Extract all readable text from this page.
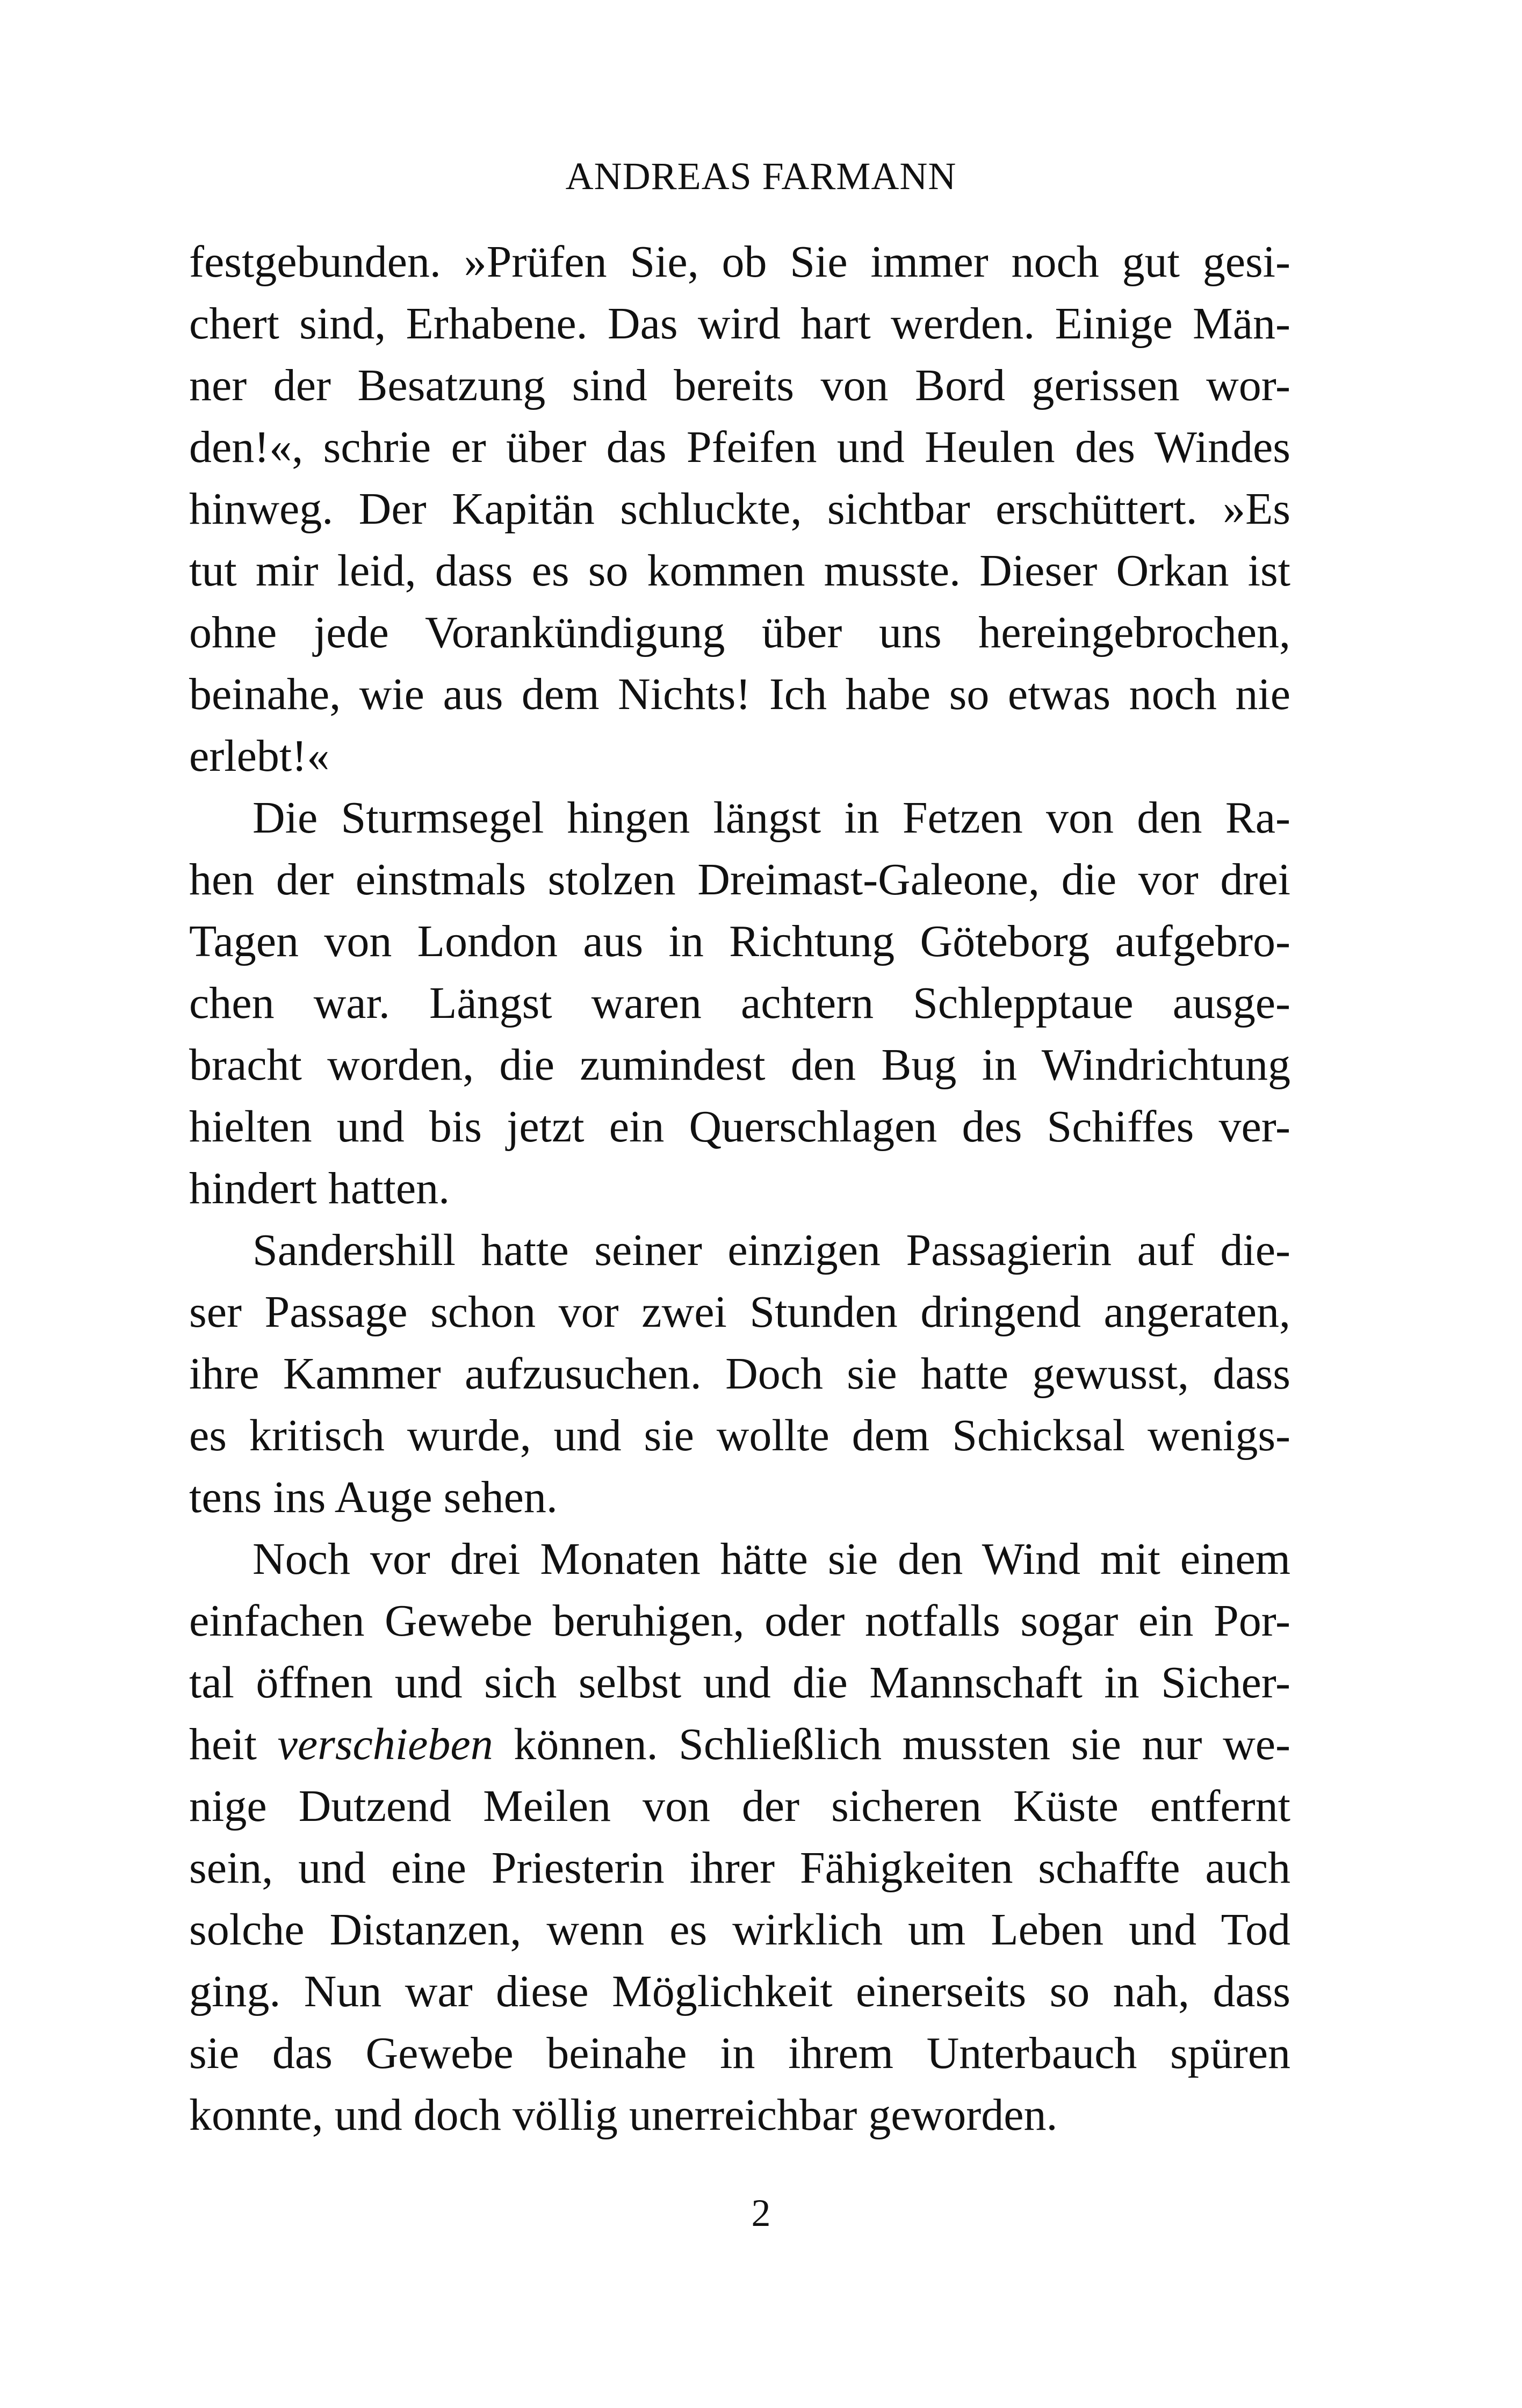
ANDREAS FARMANN
festgebunden. »Prüfen Sie, ob Sie immer noch gut gesi-
chert sind, Erhabene. Das wird hart werden. Einige Män-
ner der Besatzung sind bereits von Bord gerissen wor-
den!«, schrie er über das Pfeifen und Heulen des Windes
hinweg. Der Kapitän schluckte, sichtbar erschüttert. »Es
tut mir leid, dass es so kommen musste. Dieser Orkan ist
ohne jede Vorankündigung über uns hereingebrochen,
beinahe, wie aus dem Nichts! Ich habe so etwas noch nie
erlebt!«
Die Sturmsegel hingen längst in Fetzen von den Ra-
hen der einstmals stolzen Dreimast-Galeone, die vor drei
Tagen von London aus in Richtung Göteborg aufgebro-
chen war. Längst waren achtern Schlepptaue ausge-
bracht worden, die zumindest den Bug in Windrichtung
hielten und bis jetzt ein Querschlagen des Schiffes ver-
hindert hatten.
Sandershill hatte seiner einzigen Passagierin auf die-
ser Passage schon vor zwei Stunden dringend angeraten,
ihre Kammer aufzusuchen. Doch sie hatte gewusst, dass
es kritisch wurde, und sie wollte dem Schicksal wenigs-
tens ins Auge sehen.
Noch vor drei Monaten hätte sie den Wind mit einem
einfachen Gewebe beruhigen, oder notfalls sogar ein Por-
tal öffnen und sich selbst und die Mannschaft in Sicher-
heit verschieben können. Schließlich mussten sie nur we-
nige Dutzend Meilen von der sicheren Küste entfernt
sein, und eine Priesterin ihrer Fähigkeiten schaffte auch
solche Distanzen, wenn es wirklich um Leben und Tod
ging. Nun war diese Möglichkeit einerseits so nah, dass
sie das Gewebe beinahe in ihrem Unterbauch spüren
konnte, und doch völlig unerreichbar geworden.
2
